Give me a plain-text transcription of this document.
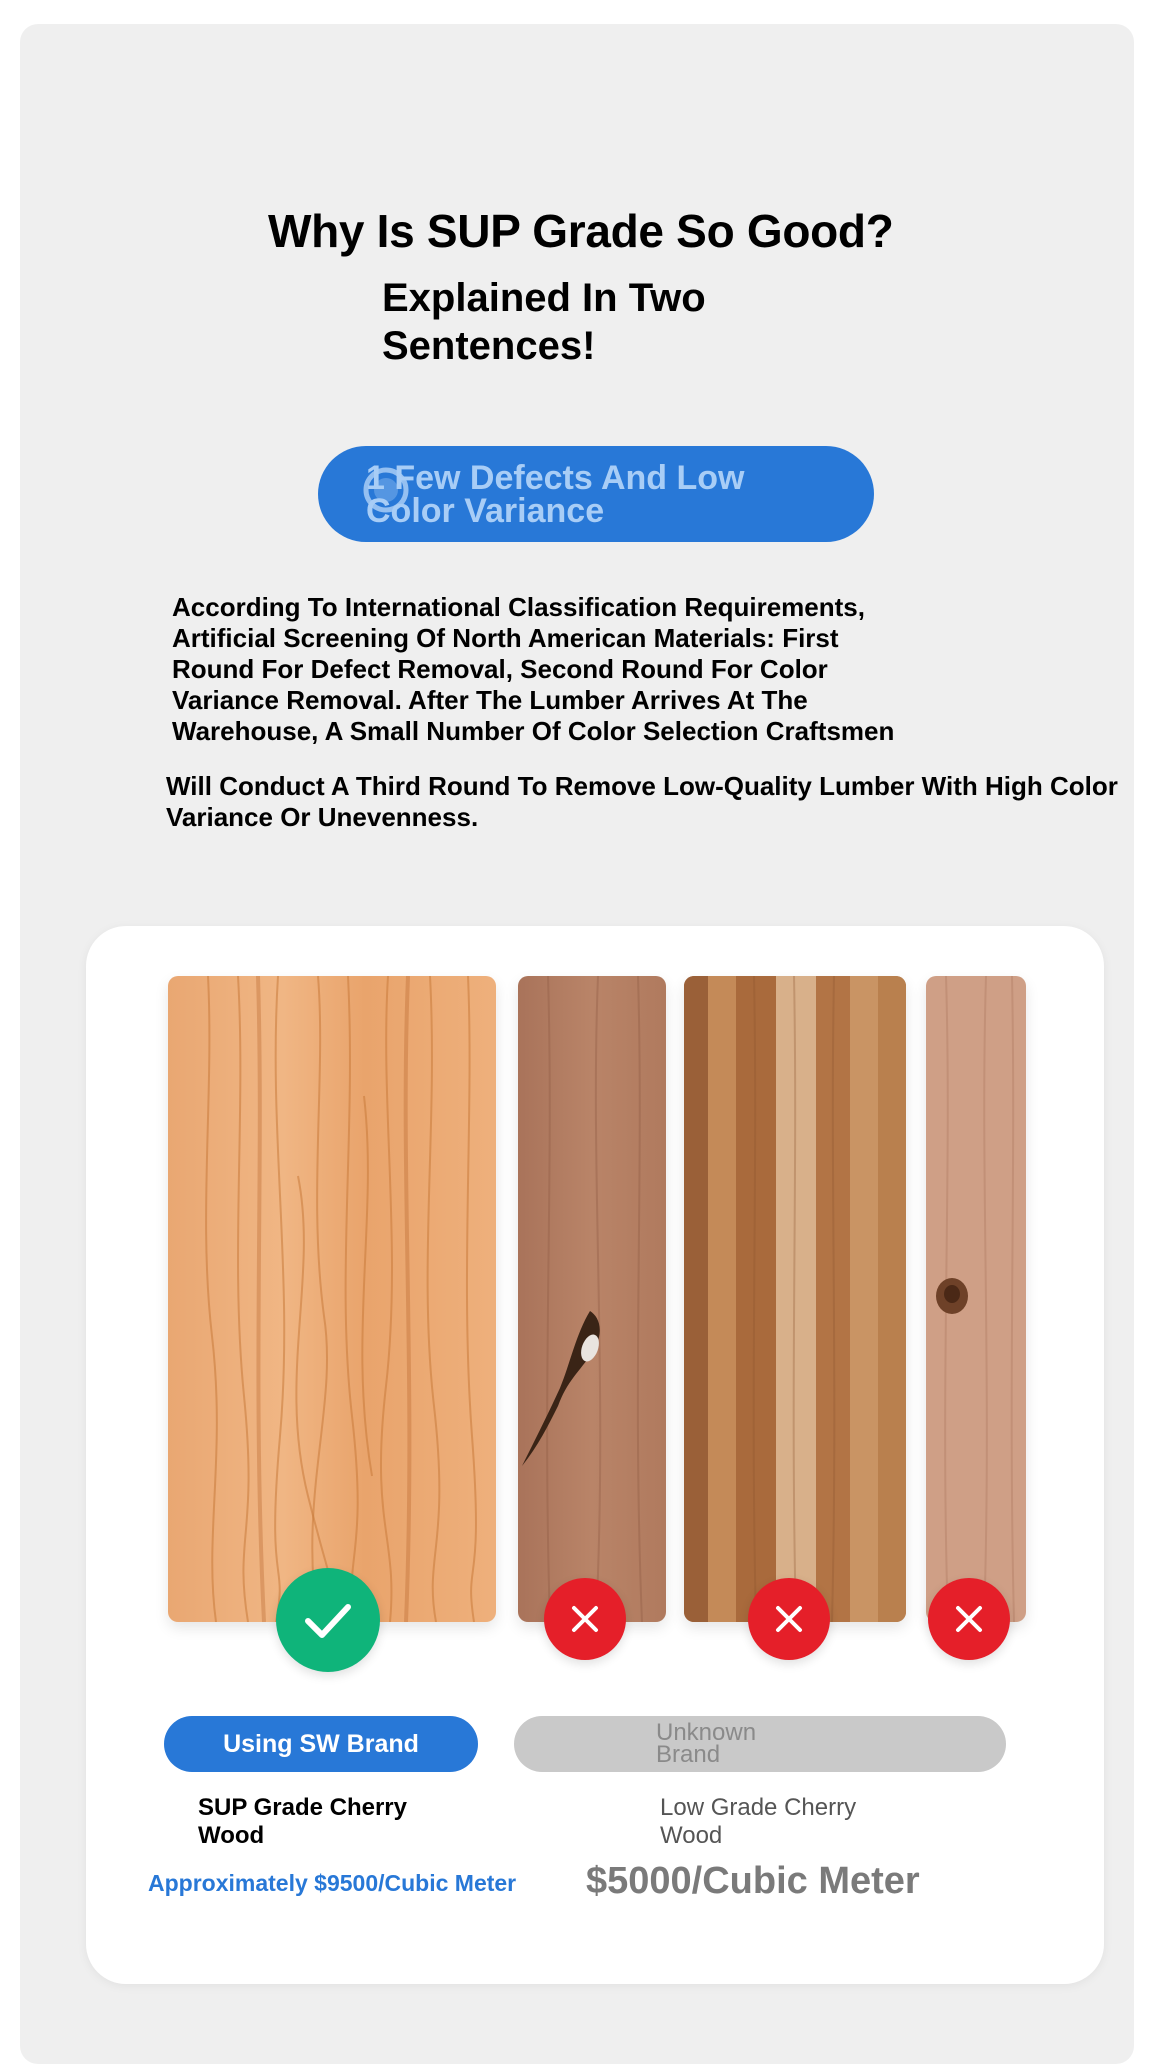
Why Is SUP Grade So Good?
Explained In Two Sentences!
1 Few Defects And Low Color Variance

According To International Classification Requirements,
Artificial Screening Of North American Materials: First
Round For Defect Removal, Second Round For Color
Variance Removal. After The Lumber Arrives At The
Warehouse, A Small Number Of Color Selection Craftsmen

Will Conduct A Third Round To Remove Low-Quality Lumber With High Color
Variance Or Unevenness.

Using SW Brand	Unknown Brand
SUP Grade Cherry Wood
Low Grade Cherry Wood
Approximately $9500/Cubic Meter $5000/Cubic Meter
